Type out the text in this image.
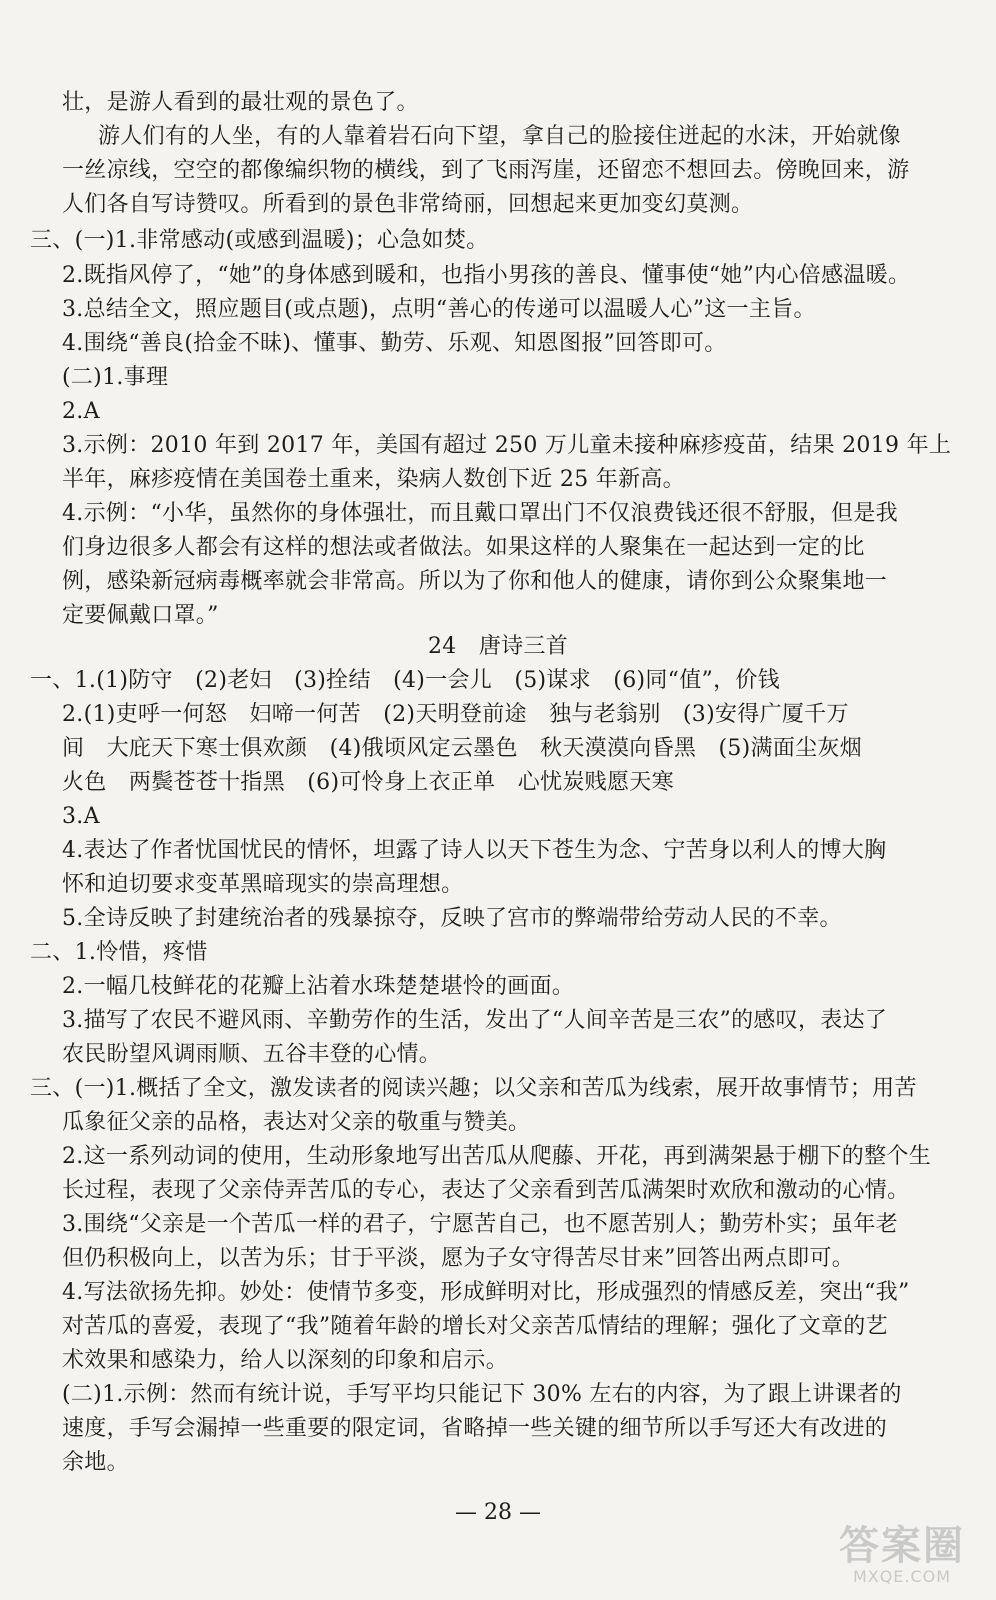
壮，是游人看到的最壮观的景色了。
游人们有的人坐，有的人靠着岩石向下望，拿自己的脸接住迸起的水沫，开始就像
一丝凉线，空空的都像编织物的横线，到了飞雨泻崖，还留恋不想回去。傍晚回来，游
人们各自写诗赞叹。所看到的景色非常绮丽，回想起来更加变幻莫测。
三、(一)1.非常感动(或感到温暖)；心急如焚。
2.既指风停了，“她”的身体感到暖和，也指小男孩的善良、懂事使“她”内心倍感温暖。
3.总结全文，照应题目(或点题)，点明“善心的传递可以温暖人心”这一主旨。
4.围绕“善良(拾金不昧)、懂事、勤劳、乐观、知恩图报”回答即可。
(二)1.事理
2.A
3.示例：2010 年到 2017 年，美国有超过 250 万儿童未接种麻疹疫苗，结果 2019 年上
半年，麻疹疫情在美国卷土重来，染病人数创下近 25 年新高。
4.示例：“小华，虽然你的身体强壮，而且戴口罩出门不仅浪费钱还很不舒服，但是我
们身边很多人都会有这样的想法或者做法。如果这样的人聚集在一起达到一定的比
例，感染新冠病毒概率就会非常高。所以为了你和他人的健康，请你到公众聚集地一
定要佩戴口罩。”
24　唐诗三首
一、1.(1)防守　(2)老妇　(3)拴结　(4)一会儿　(5)谋求　(6)同“值”，价钱
2.(1)吏呼一何怒　妇啼一何苦　(2)天明登前途　独与老翁别　(3)安得广厦千万
间　大庇天下寒士俱欢颜　(4)俄顷风定云墨色　秋天漠漠向昏黑　(5)满面尘灰烟
火色　两鬓苍苍十指黑　(6)可怜身上衣正单　心忧炭贱愿天寒
3.A
4.表达了作者忧国忧民的情怀，坦露了诗人以天下苍生为念、宁苦身以利人的博大胸
怀和迫切要求变革黑暗现实的崇高理想。
5.全诗反映了封建统治者的残暴掠夺，反映了宫市的弊端带给劳动人民的不幸。
二、1.怜惜，疼惜
2.一幅几枝鲜花的花瓣上沾着水珠楚楚堪怜的画面。
3.描写了农民不避风雨、辛勤劳作的生活，发出了“人间辛苦是三农”的感叹，表达了
农民盼望风调雨顺、五谷丰登的心情。
三、(一)1.概括了全文，激发读者的阅读兴趣；以父亲和苦瓜为线索，展开故事情节；用苦
瓜象征父亲的品格，表达对父亲的敬重与赞美。
2.这一系列动词的使用，生动形象地写出苦瓜从爬藤、开花，再到满架悬于棚下的整个生
长过程，表现了父亲侍弄苦瓜的专心，表达了父亲看到苦瓜满架时欢欣和激动的心情。
3.围绕“父亲是一个苦瓜一样的君子，宁愿苦自己，也不愿苦别人；勤劳朴实；虽年老
但仍积极向上，以苦为乐；甘于平淡，愿为子女守得苦尽甘来”回答出两点即可。
4.写法欲扬先抑。妙处：使情节多变，形成鲜明对比，形成强烈的情感反差，突出“我”
对苦瓜的喜爱，表现了“我”随着年龄的增长对父亲苦瓜情结的理解；强化了文章的艺
术效果和感染力，给人以深刻的印象和启示。
(二)1.示例：然而有统计说，手写平均只能记下 30% 左右的内容，为了跟上讲课者的
速度，手写会漏掉一些重要的限定词，省略掉一些关键的细节所以手写还大有改进的
余地。
— 28 —
答案圈
MXQE.COM
